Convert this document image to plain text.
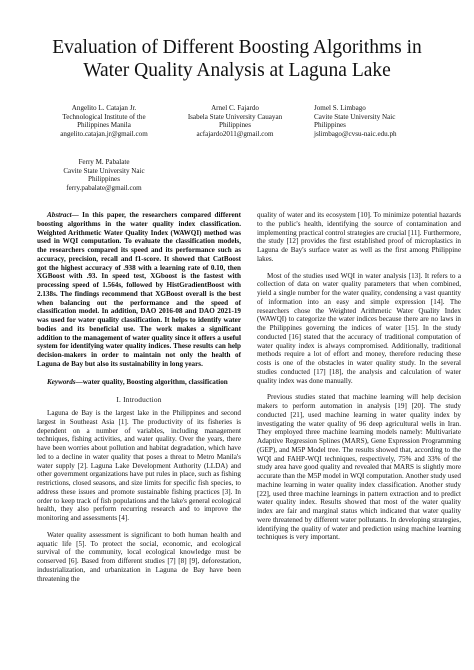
Evaluation of Different Boosting Algorithms in
Water Quality Analysis at Laguna Lake
Angelito L. Catajan Jr.
Technological Institute of the
Philippines Manila
angelito.catajan.jr@gmail.com
Arnel C. Fajardo
Isabela State University Cauayan
Philippines
acfajardo2011@gmail.com
Jomel S. Limbago
Cavite State University Naic
Philippines
jslimbago@cvsu-naic.edu.ph
Ferry M. Pabalate
Cavite State University Naic
Philippines
ferry.pabalate@gmail.com

Abstract— In this paper, the researchers compared different boosting algorithms in the water quality index classification. Weighted Arithmetic Water Quality Index (WAWQI) method was used in WQI computation. To evaluate the classification models, the researchers compared its speed and its performance such as accuracy, precision, recall and f1-score. It showed that CatBoost got the highest accuracy of .938 with a learning rate of 0.10, then XGBoost with .93. In speed test, XGboost is the fastest with processing speed of 1.564s, followed by HistGradientBoost with 2.138s. The findings recommend that XGBoost overall is the best when balancing out the performance and the speed of classification model. In addition, DAO 2016-08 and DAO 2021-19 was used for water quality classification. It helps to identify water bodies and its beneficial use. The work makes a significant addition to the management of water quality since it offers a useful system for identifying water quality indices. These results can help decision-makers in order to maintain not only the health of Laguna de Bay but also its sustainability in long years.

Keywords—water quality, Boosting algorithm, classification

I. Introduction

Laguna de Bay is the largest lake in the Philippines and second largest in Southeast Asia [1]. The productivity of its fisheries is dependent on a number of variables, including management techniques, fishing activities, and water quality. Over the years, there have been worries about pollution and habitat degradation, which have led to a decline in water quality that poses a threat to Metro Manila's water supply [2]. Laguna Lake Development Authority (LLDA) and other government organizations have put rules in place, such as fishing restrictions, closed seasons, and size limits for specific fish species, to address these issues and promote sustainable fishing practices [3]. In order to keep track of fish populations and the lake's general ecological health, they also perform recurring research and to improve the monitoring and assessments [4].

Water quality assessment is significant to both human health and aquatic life [5]. To protect the social, economic, and ecological survival of the community, local ecological knowledge must be conserved [6]. Based from different studies [7] [8] [9], deforestation, industrialization, and urbanization in Laguna de Bay have been threatening the

quality of water and its ecosystem [10]. To minimize potential hazards to the public's health, identifying the source of contamination and implementing practical control strategies are crucial [11]. Furthermore, the study [12] provides the first established proof of microplastics in Laguna de Bay's surface water as well as the first among Philippine lakes.

Most of the studies used WQI in water analysis [13]. It refers to a collection of data on water quality parameters that when combined, yield a single number for the water quality, condensing a vast quantity of information into an easy and simple expression [14]. The researchers chose the Weighted Arithmetic Water Quality Index (WAWQI) to categorize the water indices because there are no laws in the Philippines governing the indices of water [15]. In the study conducted [16] stated that the accuracy of traditional computation of water quality index is always compromised. Additionally, traditional methods require a lot of effort and money, therefore reducing these costs is one of the obstacles in water quality study. In the several studies conducted [17] [18], the analysis and calculation of water quality index was done manually.

Previous studies stated that machine learning will help decision makers to perform automation in analysis [19] [20]. The study conducted [21], used machine learning in water quality index by investigating the water quality of 96 deep agricultural wells in Iran. They employed three machine learning models namely: Multivariate Adaptive Regression Splines (MARS), Gene Expression Programming (GEP), and M5P Model tree. The results showed that, according to the WQI and FAHP-WQI techniques, respectively, 75% and 33% of the study area have good quality and revealed that MARS is slightly more accurate than the M5P model in WQI computation. Another study used machine learning in water quality index classification. Another study [22], used three machine learnings in pattern extraction and to predict water quality index. Results showed that most of the water quality index are fair and marginal status which indicated that water quality were threatened by different water pollutants. In developing strategies, identifying the quality of water and prediction using machine learning techniques is very important.
